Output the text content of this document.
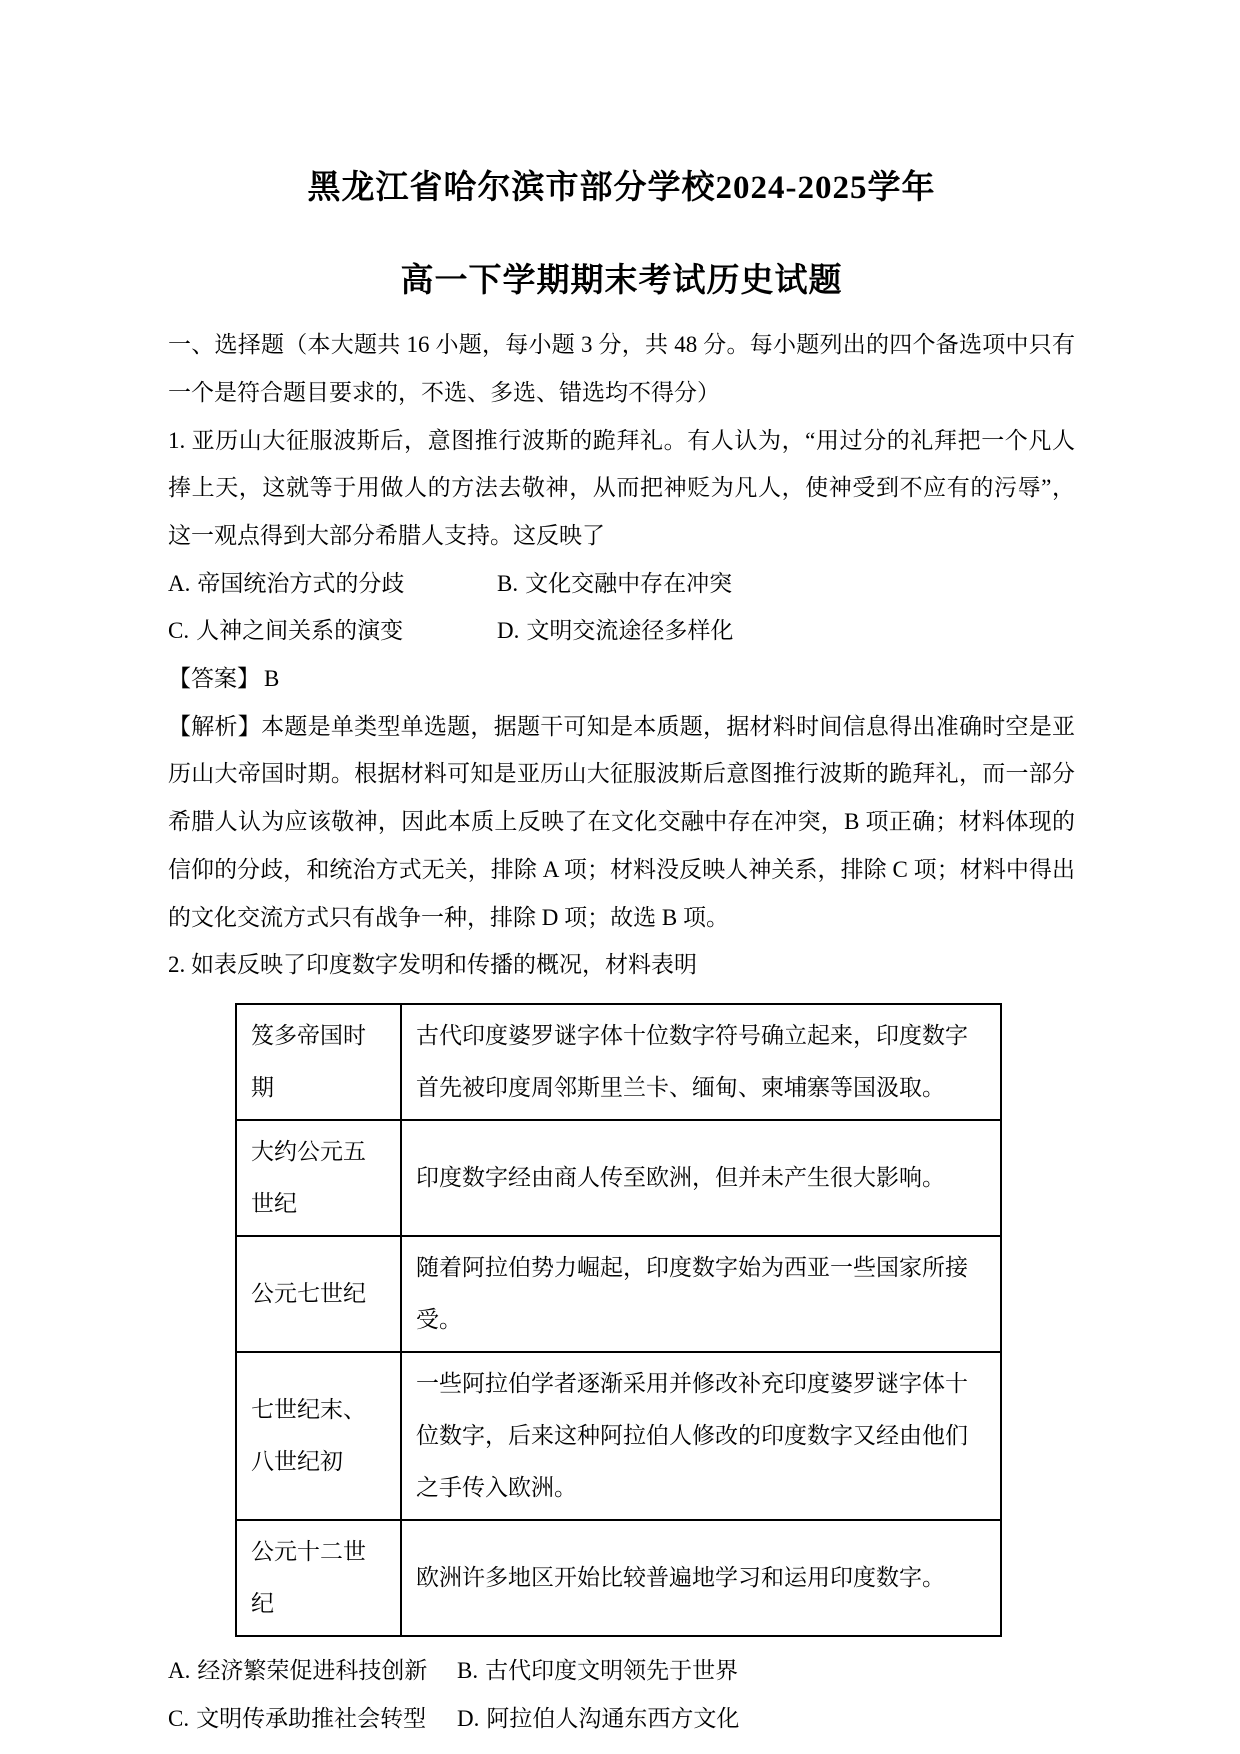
黑龙江省哈尔滨市部分学校2024-2025学年
高一下学期期末考试历史试题

一、选择题（本大题共 16 小题，每小题 3 分，共 48 分。每小题列出的四个备选项中只有一个是符合题目要求的，不选、多选、错选均不得分）

1. 亚历山大征服波斯后，意图推行波斯的跪拜礼。有人认为，“用过分的礼拜把一个凡人捧上天，这就等于用做人的方法去敬神，从而把神贬为凡人，使神受到不应有的污辱”，这一观点得到大部分希腊人支持。这反映了

A. 帝国统治方式的分歧	B. 文化交融中存在冲突

C. 人神之间关系的演变	D. 文明交流途径多样化

【答案】 B

【解析】本题是单类型单选题，据题干可知是本质题，据材料时间信息得出准确时空是亚历山大帝国时期。根据材料可知是亚历山大征服波斯后意图推行波斯的跪拜礼，而一部分希腊人认为应该敬神，因此本质上反映了在文化交融中存在冲突，B 项正确；材料体现的信仰的分歧，和统治方式无关，排除 A 项；材料没反映人神关系，排除 C 项；材料中得出的文化交流方式只有战争一种，排除 D 项；故选 B 项。

2. 如表反映了印度数字发明和传播的概况，材料表明

笈多帝国时期	古代印度婆罗谜字体十位数字符号确立起来，印度数字首先被印度周邻斯里兰卡、缅甸、柬埔寨等国汲取。
大约公元五世纪	印度数字经由商人传至欧洲，但并未产生很大影响。
公元七世纪	随着阿拉伯势力崛起，印度数字始为西亚一些国家所接受。
七世纪末、八世纪初	一些阿拉伯学者逐渐采用并修改补充印度婆罗谜字体十位数字，后来这种阿拉伯人修改的印度数字又经由他们之手传入欧洲。
公元十二世纪	欧洲许多地区开始比较普遍地学习和运用印度数字。

A. 经济繁荣促进科技创新 B. 古代印度文明领先于世界

C. 文明传承助推社会转型 D. 阿拉伯人沟通东西方文化
